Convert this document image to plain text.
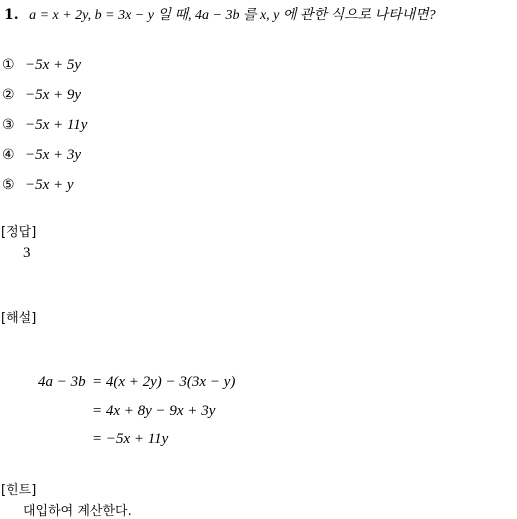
1. a = x + 2y, b = 3x − y 일 때, 4a − 3b 를 x, y 에 관한 식으로 나타내면?
① −5x + 5y
② −5x + 9y
③ −5x + 11y
④ −5x + 3y
⑤ −5x + y
[정답]
3
[해설]
4a − 3b = 4(x + 2y) − 3(3x − y)
= 4x + 8y − 9x + 3y
= −5x + 11y
[힌트]
대입하여 계산한다.
